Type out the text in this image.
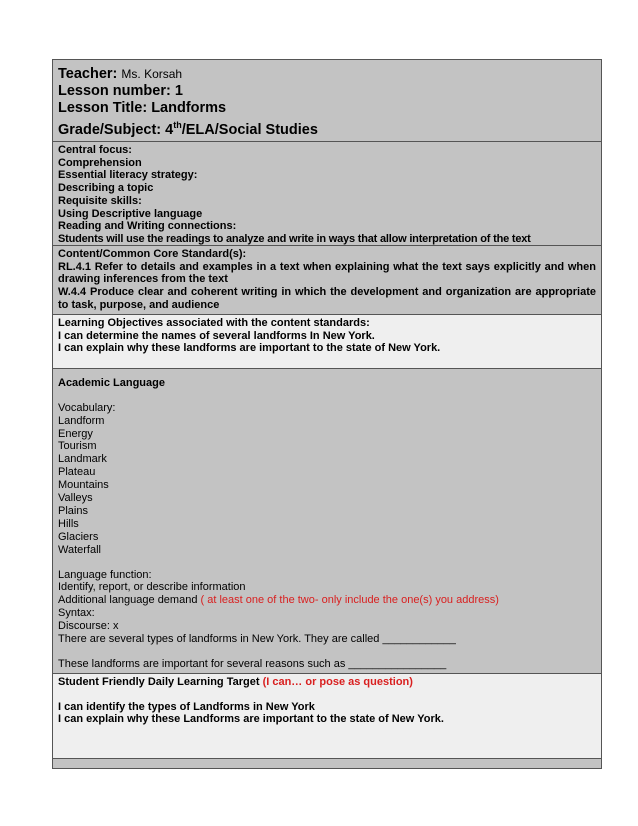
Teacher: Ms. Korsah
Lesson number: 1
Lesson Title: Landforms
Grade/Subject: 4th/ELA/Social Studies
Central focus:
Comprehension
Essential literacy strategy:
Describing a topic
Requisite skills:
Using Descriptive language
Reading and Writing connections:
Students will use the readings to analyze and write in ways that allow interpretation of the text
Content/Common Core Standard(s):
RL.4.1 Refer to details and examples in a text when explaining what the text says explicitly and when drawing inferences from the text
W.4.4 Produce clear and coherent writing in which the development and organization are appropriate to task, purpose, and audience
Learning Objectives associated with the content standards:
I can determine the names of several landforms In New York.
I can explain why these landforms are important to the state of New York.
Academic Language
Vocabulary:
Landform
Energy
Tourism
Landmark
Plateau
Mountains
Valleys
Plains
Hills
Glaciers
Waterfall
Language function:
Identify, report, or describe information
Additional language demand ( at least one of the two- only include the one(s) you address)
Syntax:
Discourse: x
There are several types of landforms in New York. They are called ____________
These landforms are important for several reasons such as ________________
Student Friendly Daily Learning Target (I can… or pose as question)
I can identify the types of Landforms in New York
I can explain why these Landforms are important to the state of New York.
